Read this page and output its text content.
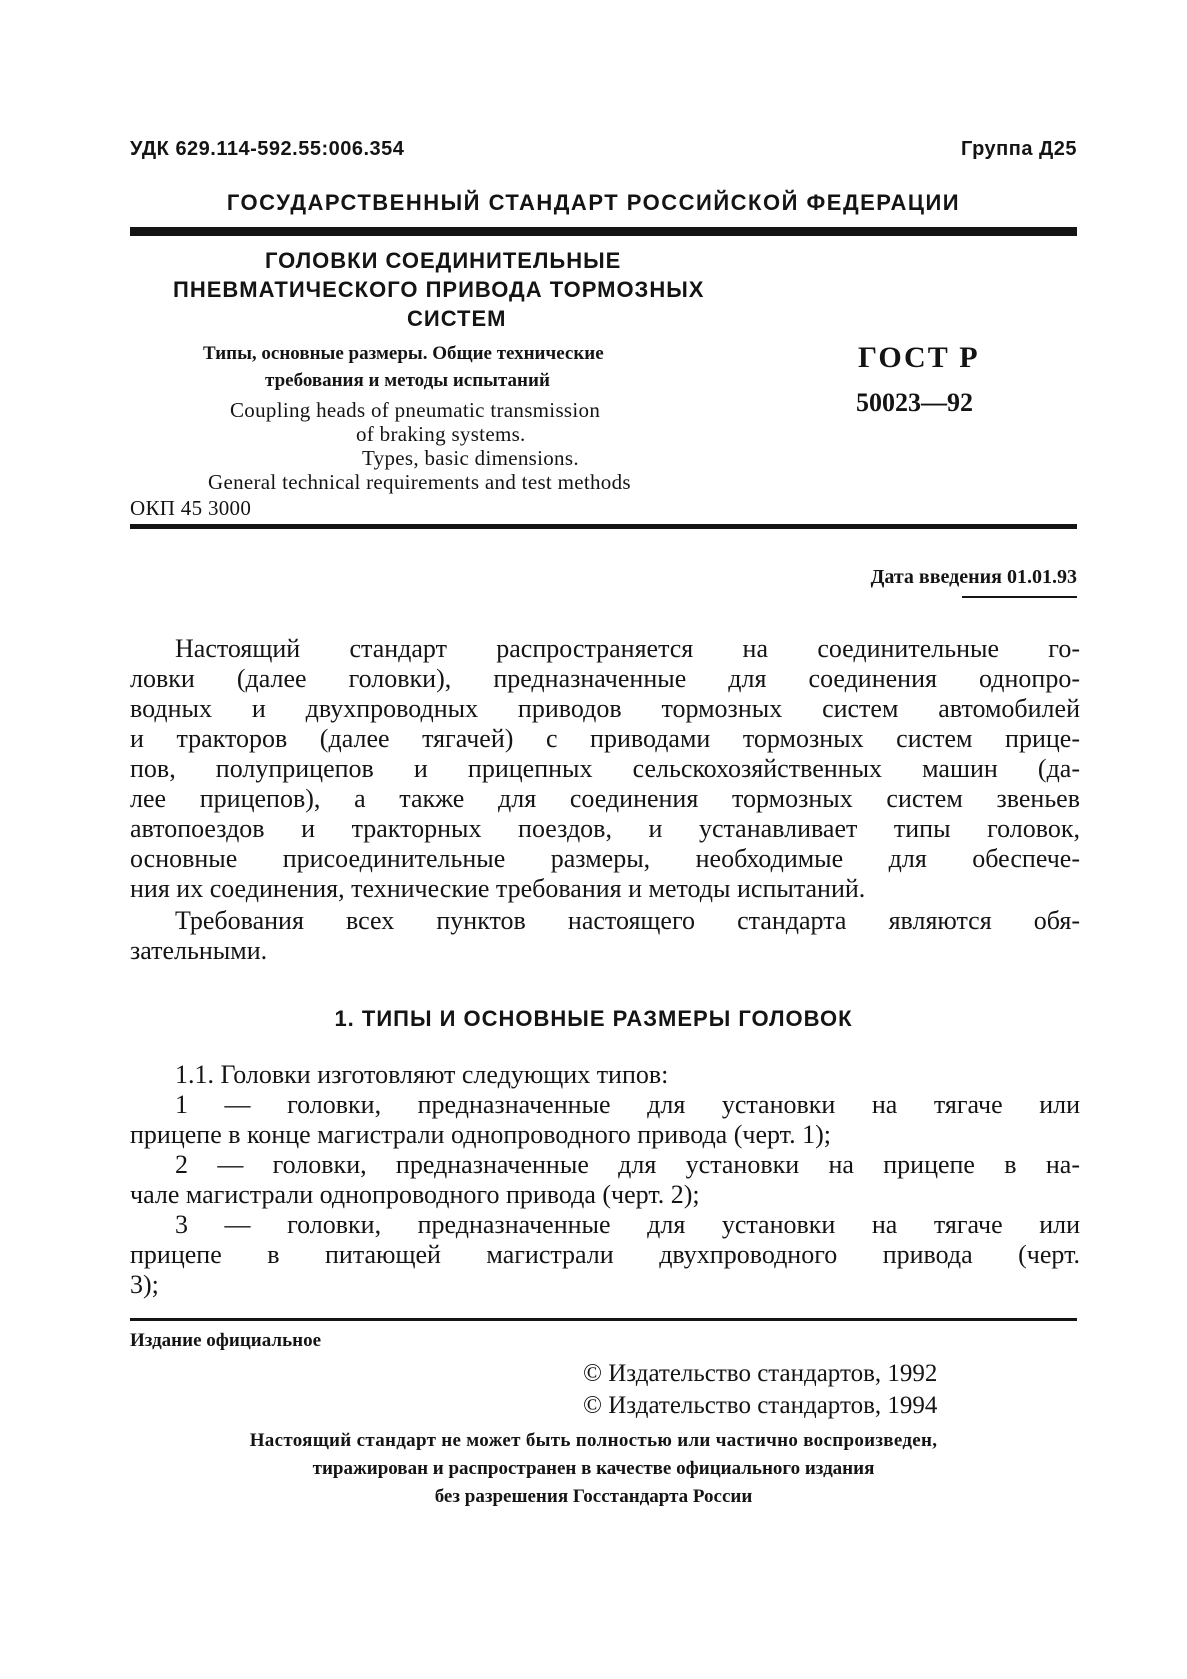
УДК 629.114-592.55:006.354	Группа Д25
ГОСУДАРСТВЕННЫЙ СТАНДАРТ РОССИЙСКОЙ ФЕДЕРАЦИИ
ГОЛОВКИ СОЕДИНИТЕЛЬНЫЕ
ПНЕВМАТИЧЕСКОГО ПРИВОДА ТОРМОЗНЫХ
СИСТЕМ
Типы, основные размеры. Общие технические
требования и методы испытаний
Coupling heads of pneumatic transmission
of braking systems.
Types, basic dimensions.
General technical requirements and test methods
ОКП 45 3000
ГОСТ Р
50023—92
Дата введения 01.01.93
Настоящий стандарт распространяется на соединительные го-
ловки (далее головки), предназначенные для соединения однопро-
водных и двухпроводных приводов тормозных систем автомобилей
и тракторов (далее тягачей) с приводами тормозных систем прице-
пов, полуприцепов и прицепных сельскохозяйственных машин (да-
лее прицепов), а также для соединения тормозных систем звеньев
автопоездов и тракторных поездов, и устанавливает типы головок,
основные присоединительные размеры, необходимые для обеспече-
ния их соединения, технические требования и методы испытаний.
Требования всех пунктов настоящего стандарта являются обя-
зательными.
1. ТИПЫ И ОСНОВНЫЕ РАЗМЕРЫ ГОЛОВОК
1.1. Головки изготовляют следующих типов:
1 — головки, предназначенные для установки на тягаче или
прицепе в конце магистрали однопроводного привода (черт. 1);
2 — головки, предназначенные для установки на прицепе в на-
чале магистрали однопроводного привода (черт. 2);
3 — головки, предназначенные для установки на тягаче или
прицепе в питающей магистрали двухпроводного привода (черт.
3);
Издание официальное
© Издательство стандартов, 1992
© Издательство стандартов, 1994
Настоящий стандарт не может быть полностью или частично воспроизведен,
тиражирован и распространен в качестве официального издания
без разрешения Госстандарта России
